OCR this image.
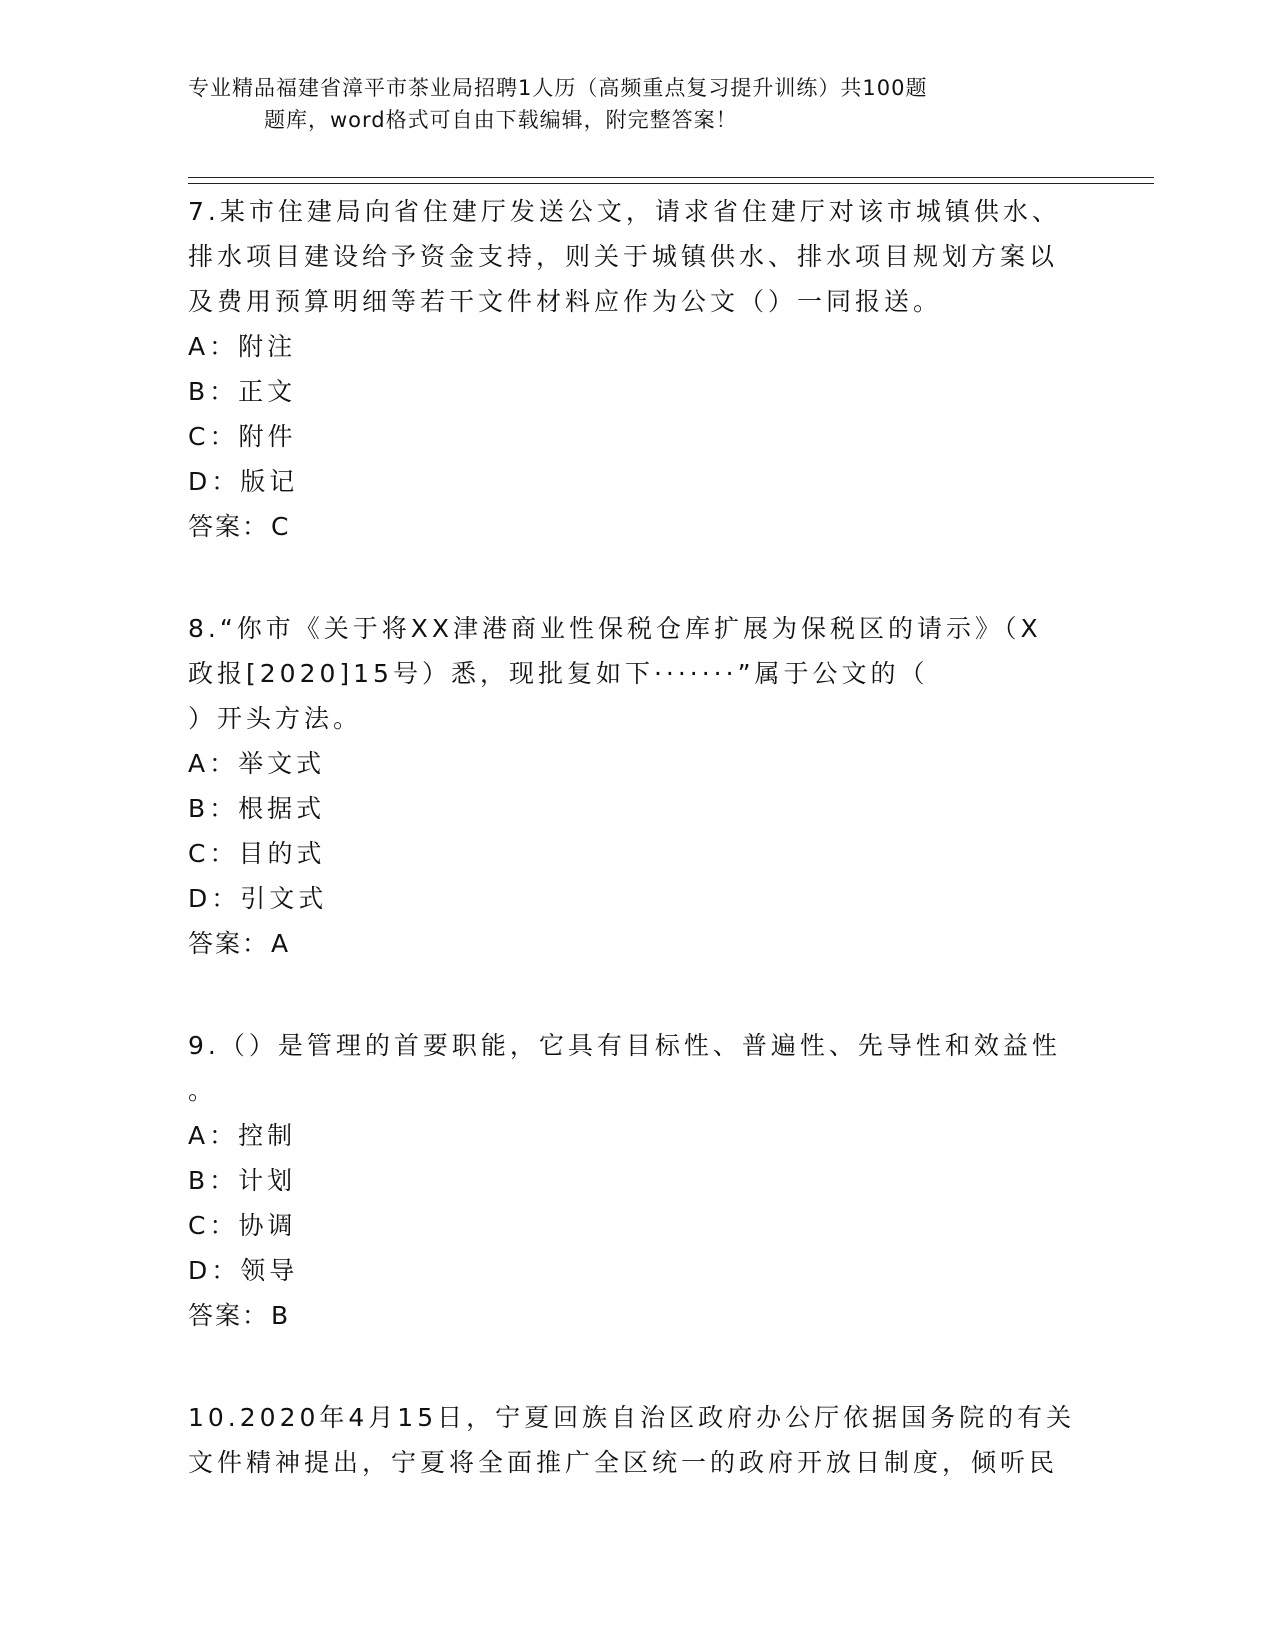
专业精品福建省漳平市茶业局招聘1人历（高频重点复习提升训练）共100题
题库，word格式可自由下载编辑，附完整答案！
7.某市住建局向省住建厅发送公文，请求省住建厅对该市城镇供水、
排水项目建设给予资金支持，则关于城镇供水、排水项目规划方案以
及费用预算明细等若干文件材料应作为公文（）一同报送。
A：附注
B：正文
C：附件
D：版记
答案：C
8.“你市《关于将XX津港商业性保税仓库扩展为保税区的请示》（X
政报[2020]15号）悉，现批复如下·······”属于公文的（
）开头方法。
A：举文式
B：根据式
C：目的式
D：引文式
答案：A
9.（）是管理的首要职能，它具有目标性、普遍性、先导性和效益性
。
A：控制
B：计划
C：协调
D：领导
答案：B
10.2020年4月15日，宁夏回族自治区政府办公厅依据国务院的有关
文件精神提出，宁夏将全面推广全区统一的政府开放日制度，倾听民
